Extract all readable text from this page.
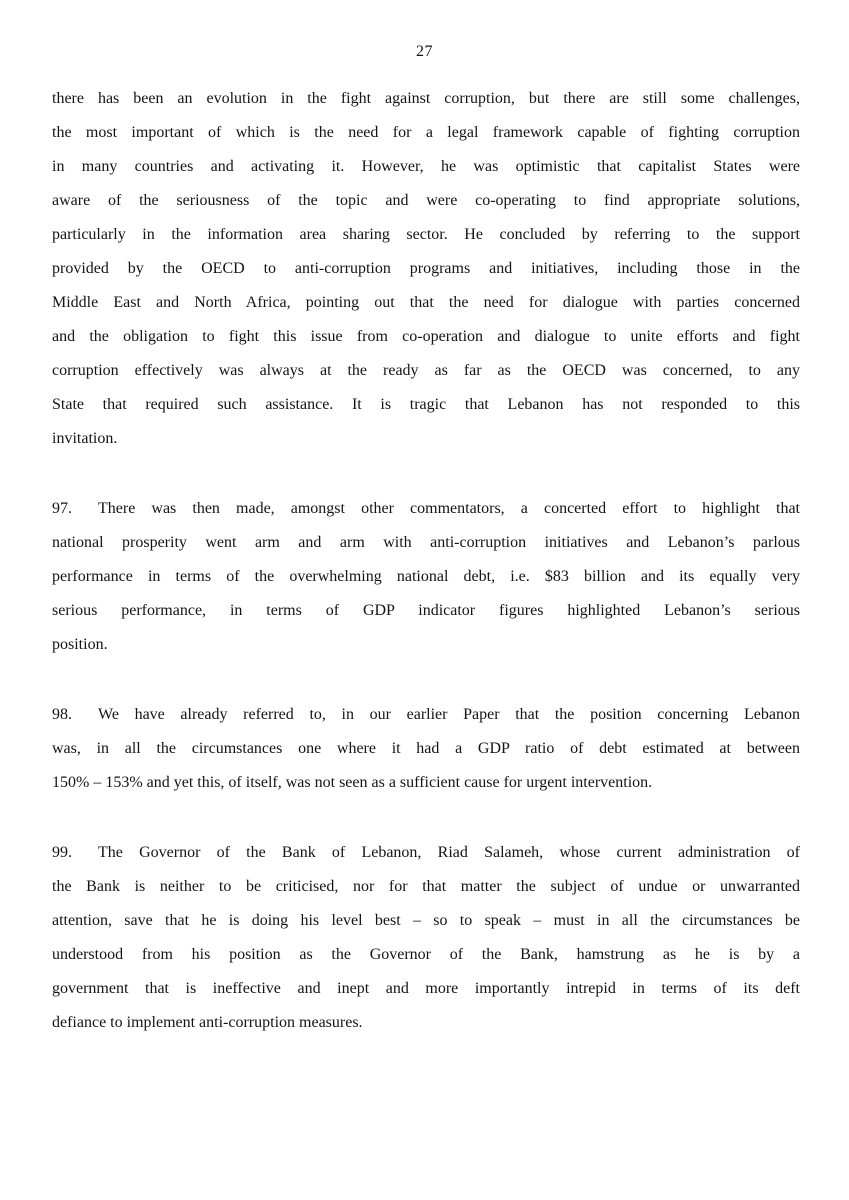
27

there has been an evolution in the fight against corruption, but there are still some challenges,
the most important of which is the need for a legal framework capable of fighting corruption
in many countries and activating it. However, he was optimistic that capitalist States were
aware of the seriousness of the topic and were co-operating to find appropriate solutions,
particularly in the information area sharing sector. He concluded by referring to the support
provided by the OECD to anti-corruption programs and initiatives, including those in the
Middle East and North Africa, pointing out that the need for dialogue with parties concerned
and the obligation to fight this issue from co-operation and dialogue to unite efforts and fight
corruption effectively was always at the ready as far as the OECD was concerned, to any
State that required such assistance. It is tragic that Lebanon has not responded to this
invitation.

97. There was then made, amongst other commentators, a concerted effort to highlight that
national prosperity went arm and arm with anti-corruption initiatives and Lebanon’s parlous
performance in terms of the overwhelming national debt, i.e. $83 billion and its equally very
serious performance, in terms of GDP indicator figures highlighted Lebanon’s serious
position.

98. We have already referred to, in our earlier Paper that the position concerning Lebanon
was, in all the circumstances one where it had a GDP ratio of debt estimated at between
150% – 153% and yet this, of itself, was not seen as a sufficient cause for urgent intervention.

99. The Governor of the Bank of Lebanon, Riad Salameh, whose current administration of
the Bank is neither to be criticised, nor for that matter the subject of undue or unwarranted
attention, save that he is doing his level best – so to speak – must in all the circumstances be
understood from his position as the Governor of the Bank, hamstrung as he is by a
government that is ineffective and inept and more importantly intrepid in terms of its deft
defiance to implement anti-corruption measures.
